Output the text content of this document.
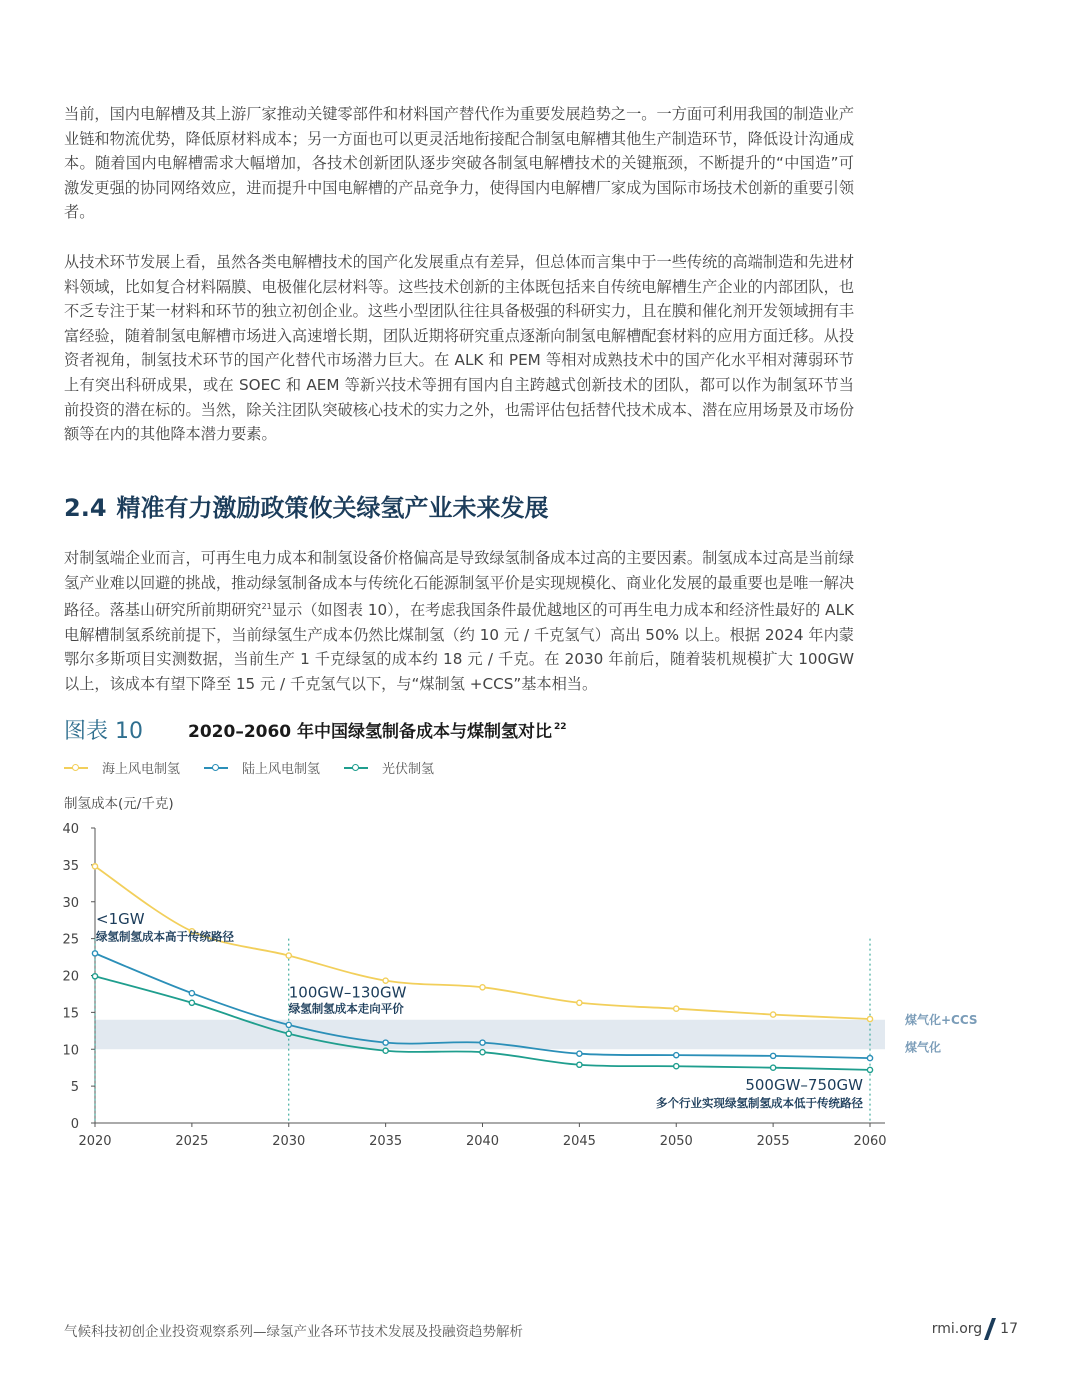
当前，国内电解槽及其上游厂家推动关键零部件和材料国产替代作为重要发展趋势之一。一方面可利用我国的制造业产业链和物流优势，降低原材料成本；另一方面也可以更灵活地衔接配合制氢电解槽其他生产制造环节，降低设计沟通成本。随着国内电解槽需求大幅增加，各技术创新团队逐步突破各制氢电解槽技术的关键瓶颈，不断提升的“中国造”可激发更强的协同网络效应，进而提升中国电解槽的产品竞争力，使得国内电解槽厂家成为国际市场技术创新的重要引领者。

从技术环节发展上看，虽然各类电解槽技术的国产化发展重点有差异，但总体而言集中于一些传统的高端制造和先进材料领域，比如复合材料隔膜、电极催化层材料等。这些技术创新的主体既包括来自传统电解槽生产企业的内部团队，也不乏专注于某一材料和环节的独立初创企业。这些小型团队往往具备极强的科研实力，且在膜和催化剂开发领域拥有丰富经验，随着制氢电解槽市场进入高速增长期，团队近期将研究重点逐渐向制氢电解槽配套材料的应用方面迁移。从投资者视角，制氢技术环节的国产化替代市场潜力巨大。在 ALK 和 PEM 等相对成熟技术中的国产化水平相对薄弱环节上有突出科研成果，或在 SOEC 和 AEM 等新兴技术等拥有国内自主跨越式创新技术的团队，都可以作为制氢环节当前投资的潜在标的。当然，除关注团队突破核心技术的实力之外，也需评估包括替代技术成本、潜在应用场景及市场份额等在内的其他降本潜力要素。

2.4 精准有力激励政策攸关绿氢产业未来发展

对制氢端企业而言，可再生电力成本和制氢设备价格偏高是导致绿氢制备成本过高的主要因素。制氢成本过高是当前绿氢产业难以回避的挑战，推动绿氢制备成本与传统化石能源制氢平价是实现规模化、商业化发展的最重要也是唯一解决路径。落基山研究所前期研究$^{21}$显示（如图表 10），在考虑我国条件最优越地区的可再生电力成本和经济性最好的 ALK 电解槽制氢系统前提下，当前绿氢生产成本仍然比煤制氢（约 10 元 / 千克氢气）高出 50% 以上。根据 2024 年内蒙鄂尔多斯项目实测数据，当前生产 1 千克绿氢的成本约 18 元 / 千克。在 2030 年前后，随着装机规模扩大 100GW 以上，该成本有望下降至 15 元 / 千克氢气以下，与“煤制氢 +CCS”基本相当。

图表 10	2020–2060 年中国绿氢制备成本与煤制氢对比 $^{22}$
海上风电制氢	陆上风电制氢	光伏制氢
制氢成本(元/千克)
煤气化+CCS
煤气化
0
5
10
15
20
25
30
35
40
2020	2025	2030	2035	2040	2045	2050	2055	2060
<1GW
绿氢制氢成本高于传统路径
100GW–130GW
绿氢制氢成本走向平价
500GW–750GW
多个行业实现绿氢制氢成本低于传统路径
气候科技初创企业投资观察系列—绿氢产业各环节技术发展及投融资趋势解析	rmi.org 17
